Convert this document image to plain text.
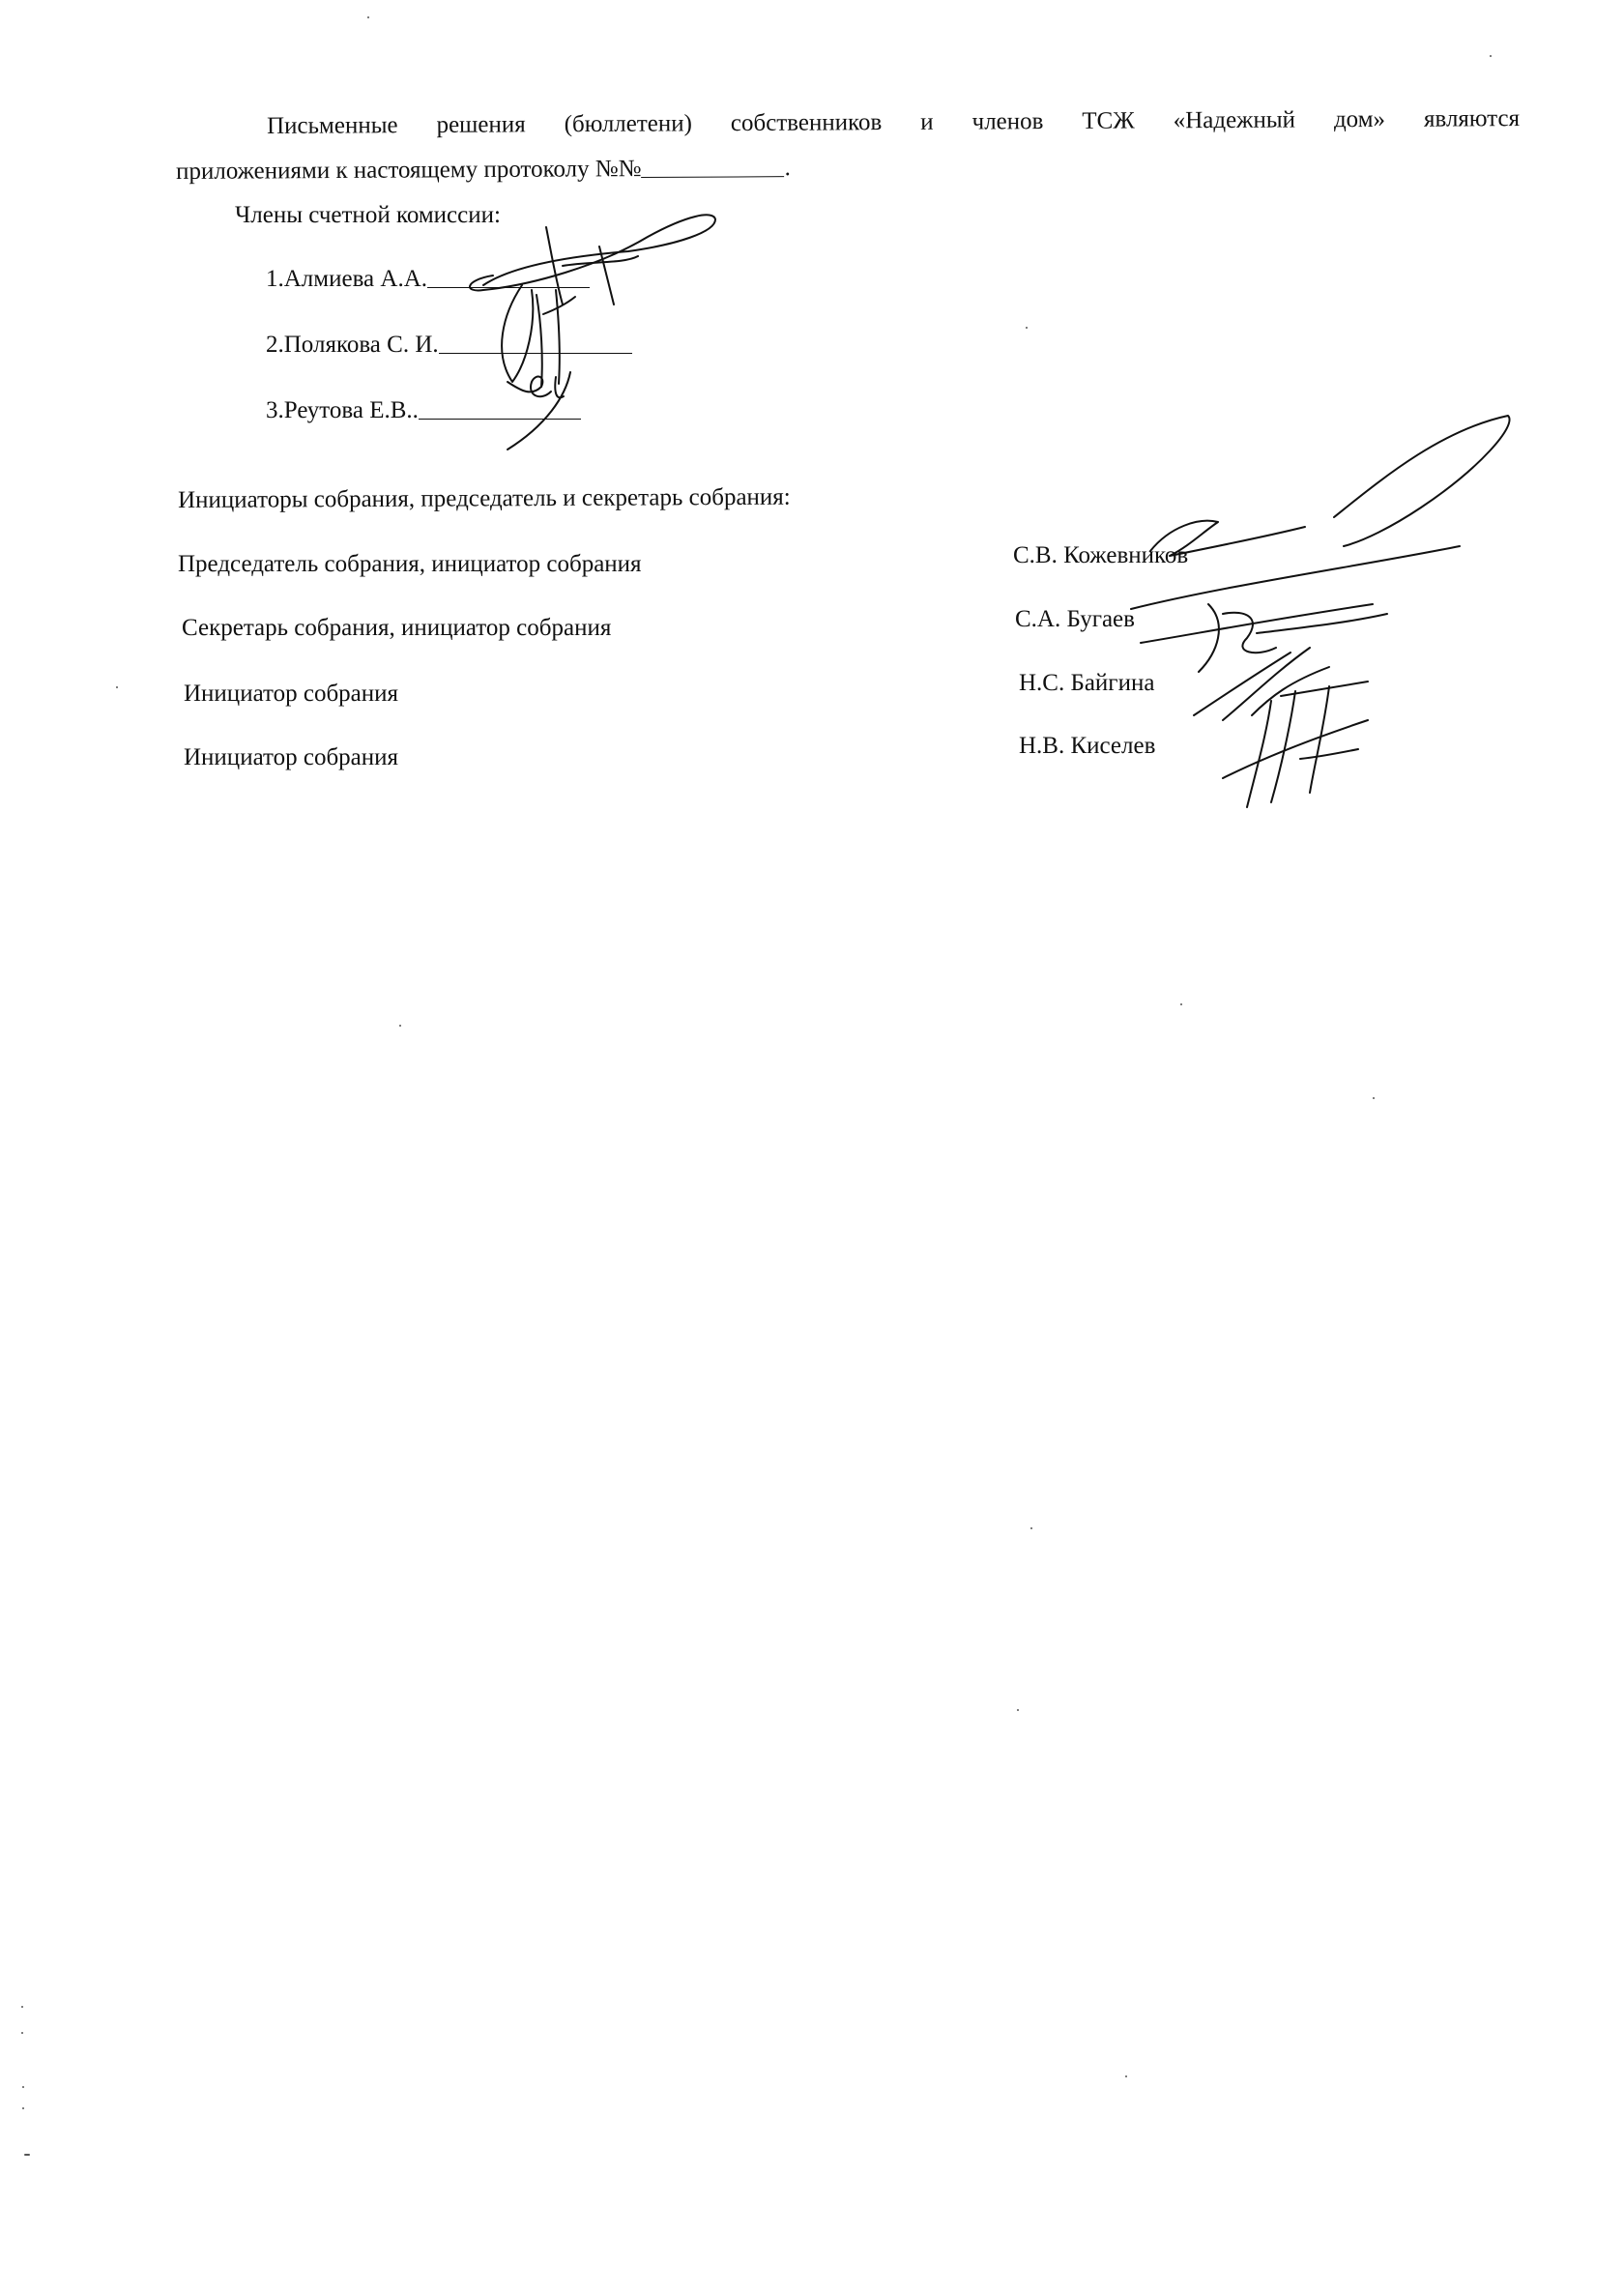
Письменные решения (бюллетени) собственников и членов ТСЖ «Надежный дом» являются
приложениями к настоящему протоколу №№	.
Члены счетной комиссии:
1.Алмиева А.А.
2.Полякова С. И.
3.Реутова Е.В..
Инициаторы собрания, председатель и секретарь собрания:
Председатель собрания, инициатор собрания	С.В. Кожевников
Секретарь собрания, инициатор собрания	С.А. Бугаев
Инициатор собрания	Н.С. Байгина
Инициатор собрания	Н.В. Киселев
